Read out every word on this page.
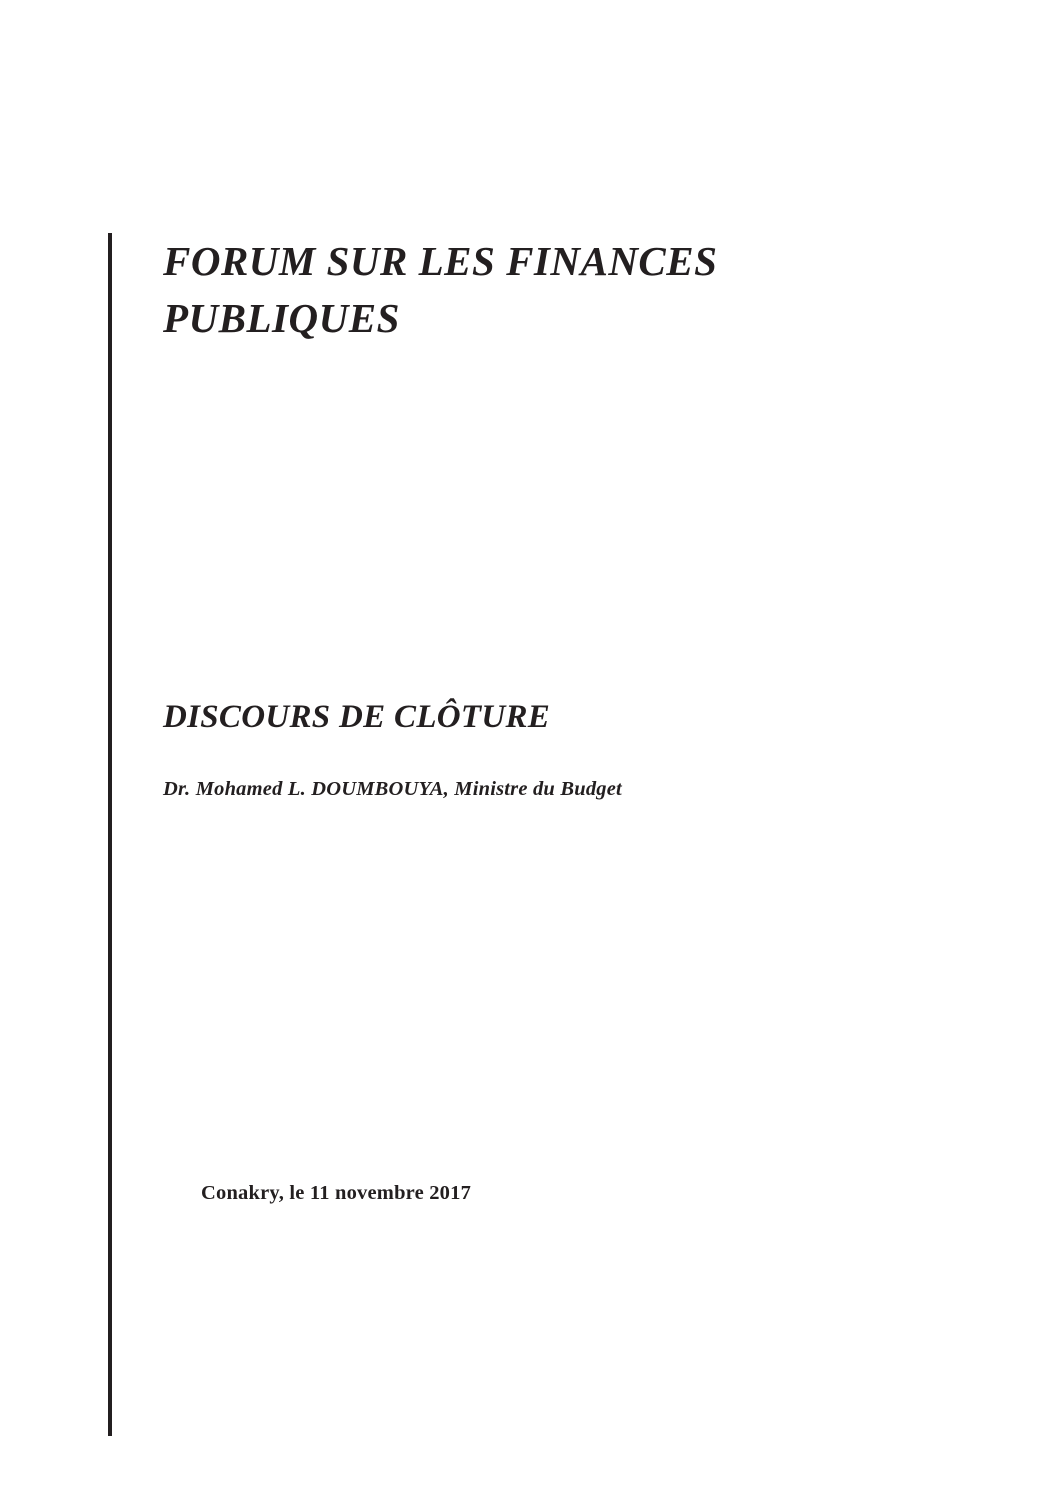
FORUM SUR LES FINANCES PUBLIQUES
DISCOURS DE CLÔTURE

Dr. Mohamed L. DOUMBOUYA, Ministre du Budget

Conakry, le 11 novembre 2017
